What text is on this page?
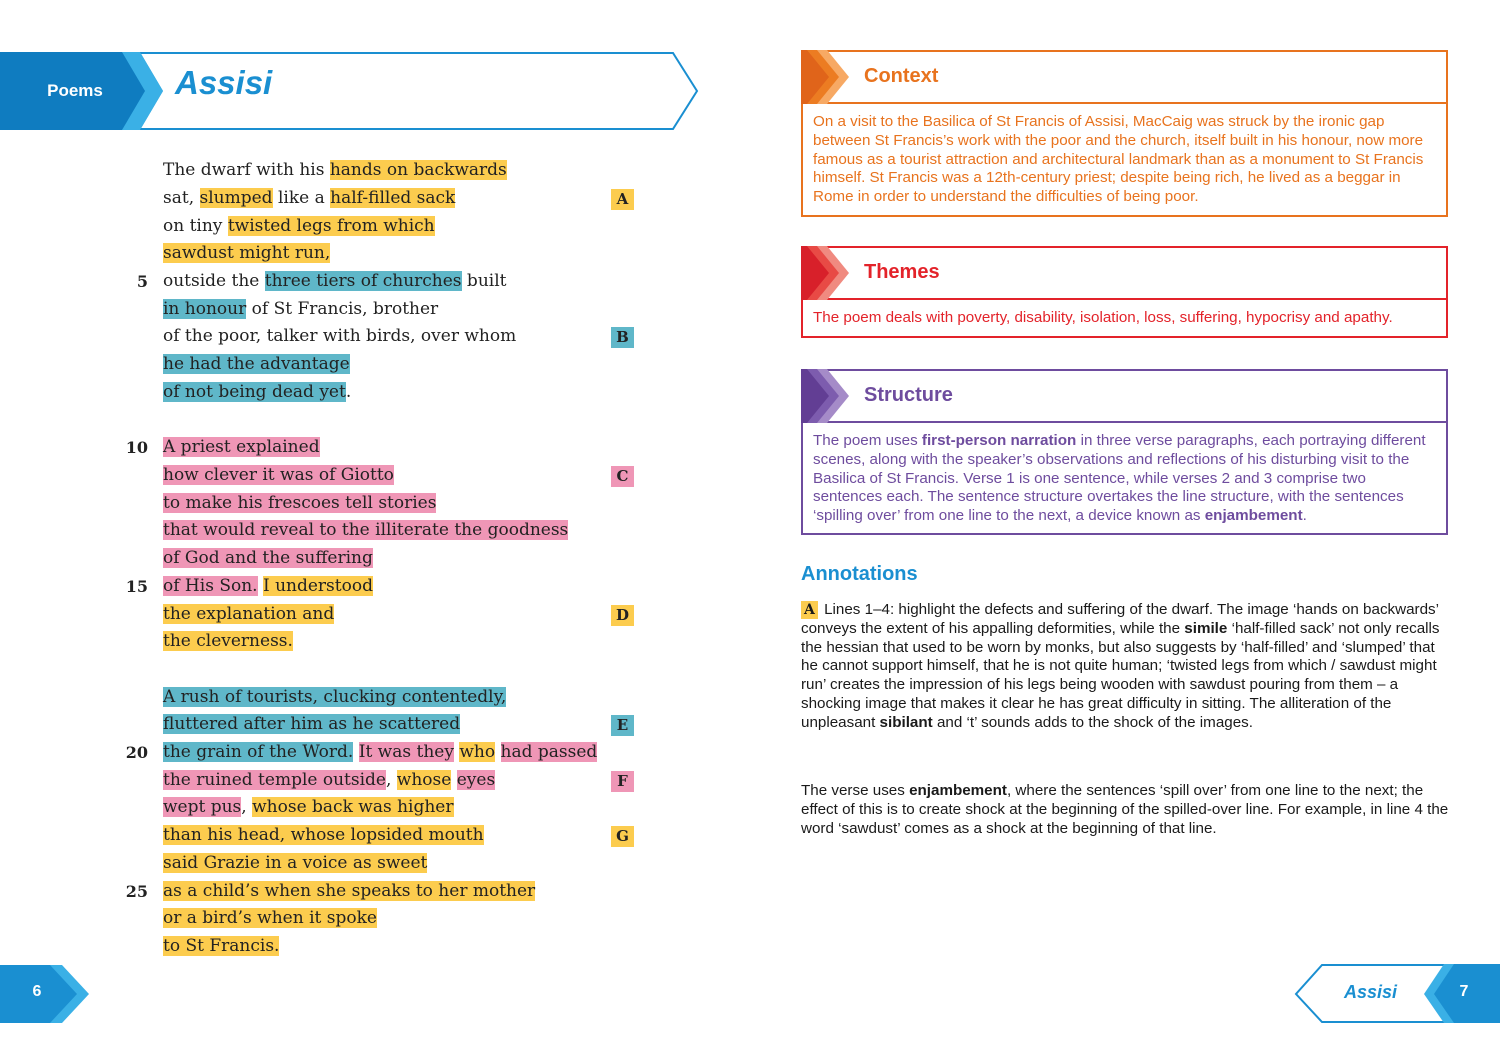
Poems	Assisi
The dwarf with his hands on backwards
sat, slumped like a half-filled sack
on tiny twisted legs from which
sawdust might run,
outside the three tiers of churches built
in honour of St Francis, brother
of the poor, talker with birds, over whom
he had the advantage
of not being dead yet.
A priest explained
how clever it was of Giotto
to make his frescoes tell stories
that would reveal to the illiterate the goodness
of God and the suffering
of His Son. I understood
the explanation and
the cleverness.
A rush of tourists, clucking contentedly,
fluttered after him as he scattered
the grain of the Word. It was they who had passed
the ruined temple outside, whose eyes
wept pus, whose back was higher
than his head, whose lopsided mouth
said Grazie in a voice as sweet
as a child’s when she speaks to her mother
or a bird’s when it spoke
to St Francis.
5
10
15
20
25
A
B
C
D
E
F
G
Context
On a visit to the Basilica of St Francis of Assisi, MacCaig was struck by the ironic gap between St Francis’s work with the poor and the church, itself built in his honour, now more famous as a tourist attraction and architectural landmark than as a monument to St Francis himself. St Francis was a 12th-century priest; despite being rich, he lived as a beggar in Rome in order to understand the difficulties of being poor.
Themes
The poem deals with poverty, disability, isolation, loss, suffering, hypocrisy and apathy.
Structure
The poem uses first-person narration in three verse paragraphs, each portraying different scenes, along with the speaker’s observations and reflections of his disturbing visit to the Basilica of St Francis. Verse 1 is one sentence, while verses 2 and 3 comprise two sentences each. The sentence structure overtakes the line structure, with the sentences ‘spilling over’ from one line to the next, a device known as enjambement.
Annotations
A Lines 1–4: highlight the defects and suffering of the dwarf. The image ‘hands on backwards’ conveys the extent of his appalling deformities, while the simile ‘half-filled sack’ not only recalls the hessian that used to be worn by monks, but also suggests by ‘half-filled’ and ‘slumped’ that he cannot support himself, that he is not quite human; ‘twisted legs from which / sawdust might run’ creates the impression of his legs being wooden with sawdust pouring from them – a shocking image that makes it clear he has great difficulty in sitting. The alliteration of the unpleasant sibilant and ‘t’ sounds adds to the shock of the images.
The verse uses enjambement, where the sentences ‘spill over’ from one line to the next; the effect of this is to create shock at the beginning of the spilled-over line. For example, in line 4 the word ‘sawdust’ comes as a shock at the beginning of that line.
6	Assisi	7
